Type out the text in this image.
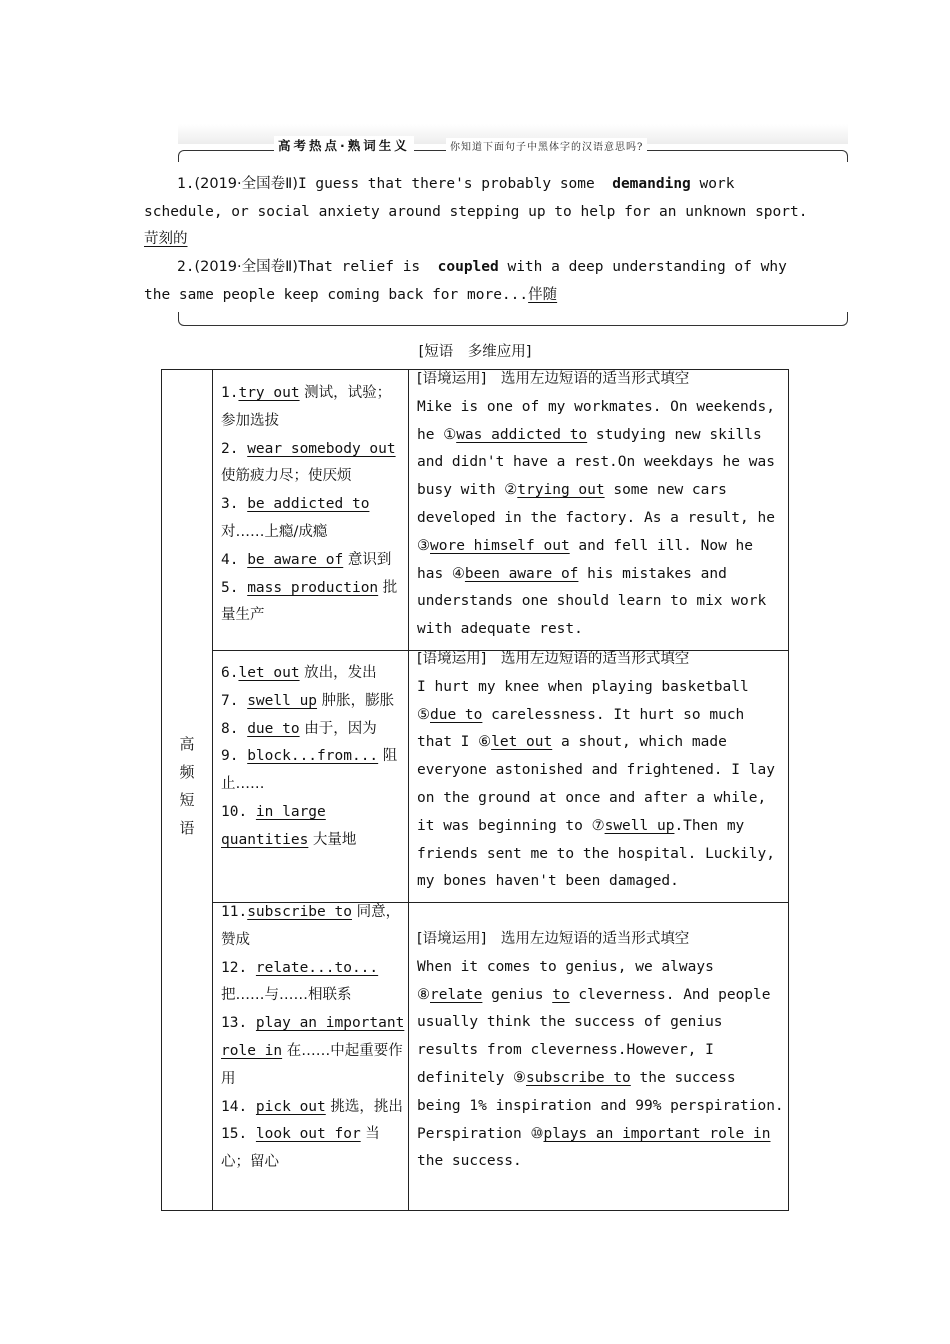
高考热点·熟词生义	你知道下面句子中黑体字的汉语意思吗?

1.(2019·全国卷Ⅱ)I guess that there's probably some  demanding work schedule, or social anxiety around stepping up to help for an unknown sport.苛刻的

2.(2019·全国卷Ⅱ)That relief is  coupled with a deep understanding of why the same people keep coming back for more...伴随

[短语　多维应用]
高
频
短
语

1.try out 测试，试验；参加选拔

2. wear somebody out 使筋疲力尽；使厌烦

3. be addicted to 对……上瘾/成瘾

4. be aware of 意识到

5. mass production 批量生产

[语境运用]　选用左边短语的适当形式填空

Mike is one of my workmates. On weekends, he ①was addicted to studying new skills and didn't have a rest.On weekdays he was busy with ②trying out some new cars developed in the factory. As a result, he ③wore himself out and fell ill. Now he has ④been aware of his mistakes and understands one should learn to mix work with adequate rest.

6.let out 放出，发出

7. swell up 肿胀，膨胀

8. due to 由于，因为

9. block...from... 阻止……

10. in large quantities 大量地

[语境运用]　选用左边短语的适当形式填空

I hurt my knee when playing basketball ⑤due to carelessness. It hurt so much that I ⑥let out a shout, which made everyone astonished and frightened. I lay on the ground at once and after a while, it was beginning to ⑦swell up.Then my friends sent me to the hospital. Luckily, my bones haven't been damaged.

11.subscribe to 同意，赞成

12. relate...to... 把……与……相联系

13. play an important role in 在……中起重要作用

14. pick out 挑选，挑出

15. look out for 当心；留心

[语境运用]　选用左边短语的适当形式填空

When it comes to genius, we always ⑧relate genius to cleverness. And people usually think the success of genius results from cleverness.However, I definitely ⑨subscribe to the success being 1% inspiration and 99% perspiration. Perspiration ⑩plays an important role in the success.
